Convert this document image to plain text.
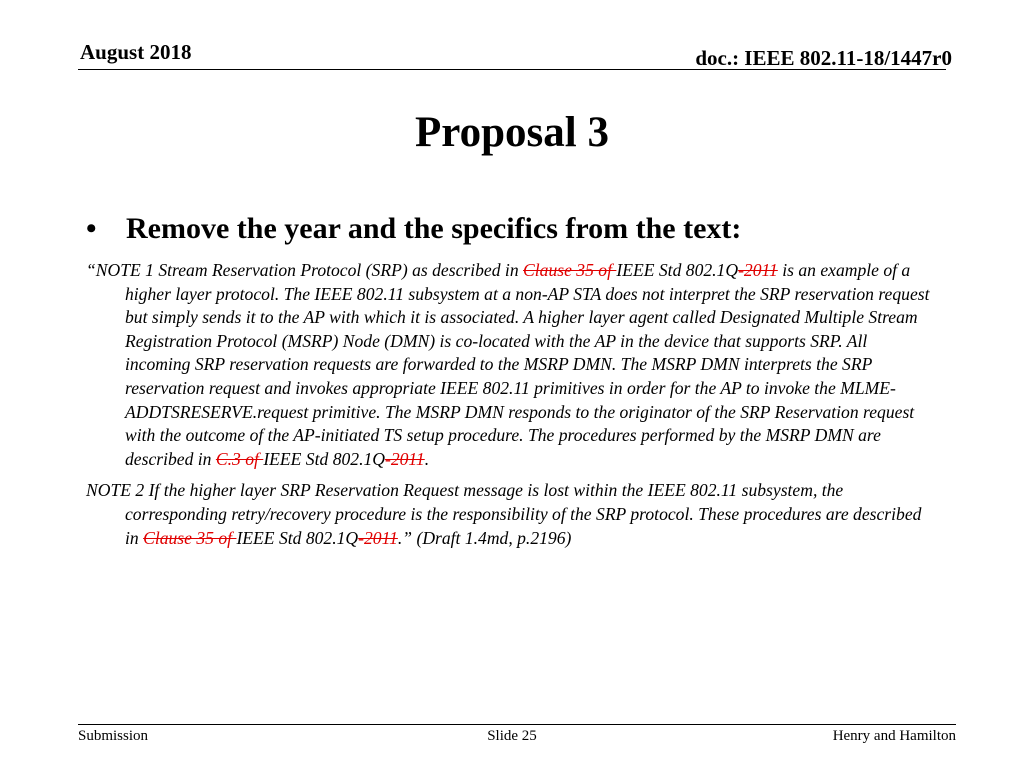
August 2018	doc.: IEEE 802.11-18/1447r0
Proposal 3
• Remove the year and the specifics from the text:

“NOTE 1 Stream Reservation Protocol (SRP) as described in Clause 35 of IEEE Std 802.1Q-2011 is an example of a higher layer protocol. The IEEE 802.11 subsystem at a non-AP STA does not interpret the SRP reservation request but simply sends it to the AP with which it is associated. A higher layer agent called Designated Multiple Stream Registration Protocol (MSRP) Node (DMN) is co-located with the AP in the device that supports SRP. All incoming SRP reservation requests are forwarded to the MSRP DMN. The MSRP DMN interprets the SRP reservation request and invokes appropriate IEEE 802.11 primitives in order for the AP to invoke the MLME-ADDTSRESERVE.request primitive. The MSRP DMN responds to the originator of the SRP Reservation request with the outcome of the AP-initiated TS setup procedure. The procedures performed by the MSRP DMN are described in C.3 of IEEE Std 802.1Q-2011.

NOTE 2 If the higher layer SRP Reservation Request message is lost within the IEEE 802.11 subsystem, the corresponding retry/recovery procedure is the responsibility of the SRP protocol. These procedures are described in Clause 35 of IEEE Std 802.1Q-2011.” (Draft 1.4md, p.2196)

Submission	Slide 25	Henry and Hamilton
